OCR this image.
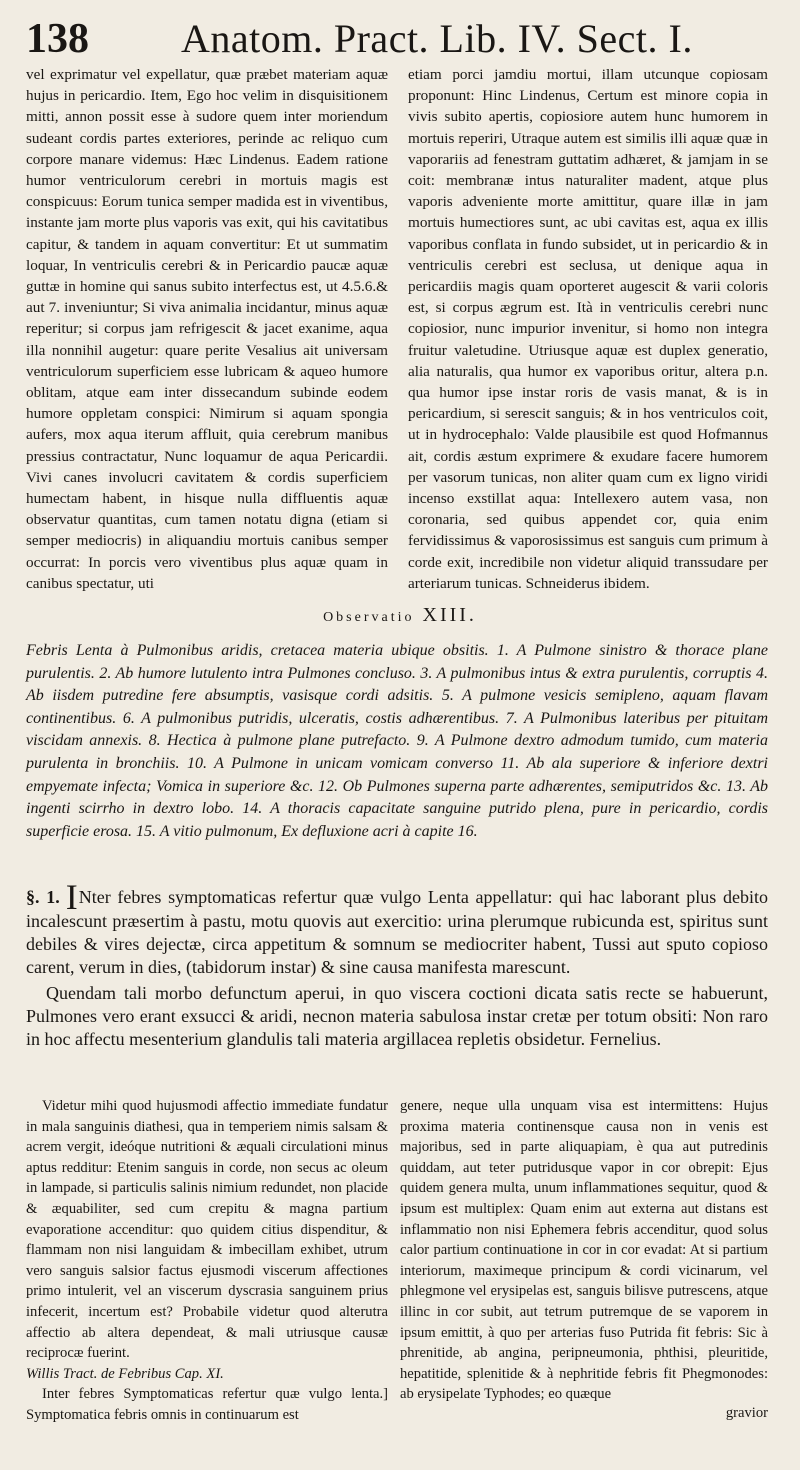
138 Anatom. Pract. Lib. IV. Sect. I.

vel exprimatur vel expellatur, quæ præbet materiam aquæ hujus in pericardio. Item, Ego hoc velim in disquisitionem mitti, annon possit esse à sudore quem inter moriendum sudeant cordis partes exteriores, perinde ac reliquo cum corpore manare videmus: Hæc Lindenus. Eadem ratione humor ventriculorum cerebri in mortuis magis est conspicuus: Eorum tunica semper madida est in viventibus, instante jam morte plus vaporis vas exit, qui his cavitatibus capitur, & tandem in aquam convertitur: Et ut summatim loquar, In ventriculis cerebri & in Pericardio paucæ aquæ guttæ in homine qui sanus subito interfectus est, ut 4.5.6.& aut 7. inveniuntur; Si viva animalia incidantur, minus aquæ reperitur; si corpus jam refrigescit & jacet exanime, aqua illa nonnihil augetur: quare perite Vesalius ait universam ventriculorum superficiem esse lubricam & aqueo humore oblitam, atque eam inter dissecandum subinde eodem humore oppletam conspici: Nimirum si aquam spongia aufers, mox aqua iterum affluit, quia cerebrum manibus pressius contractatur, Nunc loquamur de aqua Pericardii. Vivi canes involucri cavitatem & cordis superficiem humectam habent, in hisque nulla diffluentis aquæ observatur quantitas, cum tamen notatu digna (etiam si semper mediocris) in aliquandiu mortuis canibus semper occurrat: In porcis vero viventibus plus aquæ quam in canibus spectatur, uti

etiam porci jamdiu mortui, illam utcunque copiosam proponunt: Hinc Lindenus, Certum est minore copia in vivis subito apertis, copiosiore autem hunc humorem in mortuis reperiri, Utraque autem est similis illi aquæ quæ in vaporariis ad fenestram guttatim adhæret, & jamjam in se coit: membranæ intus naturaliter madent, atque plus vaporis adveniente morte amittitur, quare illæ in jam mortuis humectiores sunt, ac ubi cavitas est, aqua ex illis vaporibus conflata in fundo subsidet, ut in pericardio & in ventriculis cerebri est seclusa, ut denique aqua in pericardiis magis quam oporteret augescit & varii coloris est, si corpus ægrum est. Ità in ventriculis cerebri nunc copiosior, nunc impurior invenitur, si homo non integra fruitur valetudine. Utriusque aquæ est duplex generatio, alia naturalis, qua humor ex vaporibus oritur, altera p.n. qua humor ipse instar roris de vasis manat, & is in pericardium, si serescit sanguis; & in hos ventriculos coit, ut in hydrocephalo: Valde plausibile est quod Hofmannus ait, cordis æstum exprimere & exudare facere humorem per vasorum tunicas, non aliter quam cum ex ligno viridi incenso exstillat aqua: Intellexero autem vasa, non coronaria, sed quibus appendet cor, quia enim fervidissimus & vaporosissimus est sanguis cum primum à corde exit, incredibile non videtur aliquid transsudare per arteriarum tunicas. Schneiderus ibidem.

Observatio XIII.

Febris Lenta à Pulmonibus aridis, cretacea materia ubique obsitis. 1. A Pulmone sinistro & thorace plane purulentis. 2. Ab humore lutulento intra Pulmones concluso. 3. A pulmonibus intus & extra purulentis, corruptis 4. Ab iisdem putredine fere absumptis, vasisque cordi adsitis. 5. A pulmone vesicis semipleno, aquam flavam continentibus. 6. A pulmonibus putridis, ulceratis, costis adhærentibus. 7. A Pulmonibus lateribus per pituitam viscidam annexis. 8. Hectica à pulmone plane putrefacto. 9. A Pulmone dextro admodum tumido, cum materia purulenta in bronchiis. 10. A Pulmone in unicam vomicam converso 11. Ab ala superiore & inferiore dextri empyemate infecta; Vomica in superiore &c. 12. Ob Pulmones superna parte adhærentes, semiputridos &c. 13. Ab ingenti scirrho in dextro lobo. 14. A thoracis capacitate sanguine putrido plena, pure in pericardio, cordis superficie erosa. 15. A vitio pulmonum, Ex defluxione acri à capite 16.

§. 1. INter febres symptomaticas refertur quæ vulgo Lenta appellatur: qui hac laborant plus debito incalescunt præsertim à pastu, motu quovis aut exercitio: urina plerumque rubicunda est, spiritus sunt debiles & vires dejectæ, circa appetitum & somnum se mediocriter habent, Tussi aut sputo copioso carent, verum in dies, (tabidorum instar) & sine causa manifesta marescunt.

Quendam tali morbo defunctum aperui, in quo viscera coctioni dicata satis recte se habuerunt, Pulmones vero erant exsucci & aridi, necnon materia sabulosa instar cretæ per totum obsiti: Non raro in hoc affectu mesenterium glandulis tali materia argillacea repletis obsidetur. Fernelius.

Videtur mihi quod hujusmodi affectio immediate fundatur in mala sanguinis diathesi, qua in temperiem nimis salsam & acrem vergit, ideóque nutritioni & æquali circulationi minus aptus redditur: Etenim sanguis in corde, non secus ac oleum in lampade, si particulis salinis nimium redundet, non placide & æquabiliter, sed cum crepitu & magna partium evaporatione accenditur: quo quidem citius dispenditur, & flammam non nisi languidam & imbecillam exhibet, utrum vero sanguis salsior factus ejusmodi viscerum affectiones primo intulerit, vel an viscerum dyscrasia sanguinem prius infecerit, incertum est? Probabile videtur quod alterutra affectio ab altera dependeat, & mali utriusque causæ reciprocæ fuerint.

Willis Tract. de Febribus Cap. XI.

Inter febres Symptomaticas refertur quæ vulgo lenta.] Symptomatica febris omnis in continuarum est

genere, neque ulla unquam visa est intermittens: Hujus proxima materia continensque causa non in venis est majoribus, sed in parte aliquapiam, è qua aut putredinis quiddam, aut teter putridusque vapor in cor obrepit: Ejus quidem genera multa, unum inflammationes sequitur, quod & ipsum est multiplex: Quam enim aut externa aut distans est inflammatio non nisi Ephemera febris accenditur, quod solus calor partium continuatione in cor in cor evadat: At si partium interiorum, maximeque principum & cordi vicinarum, vel phlegmone vel erysipelas est, sanguis bilisve putrescens, atque illinc in cor subit, aut tetrum putremque de se vaporem in ipsum emittit, à quo per arterias fuso Putrida fit febris: Sic à phrenitide, ab angina, peripneumonia, phthisi, pleuritide, hepatitide, splenitide & à nephritide febris fit Phegmonodes: ab erysipelate Typhodes; eo quæque

gravior
